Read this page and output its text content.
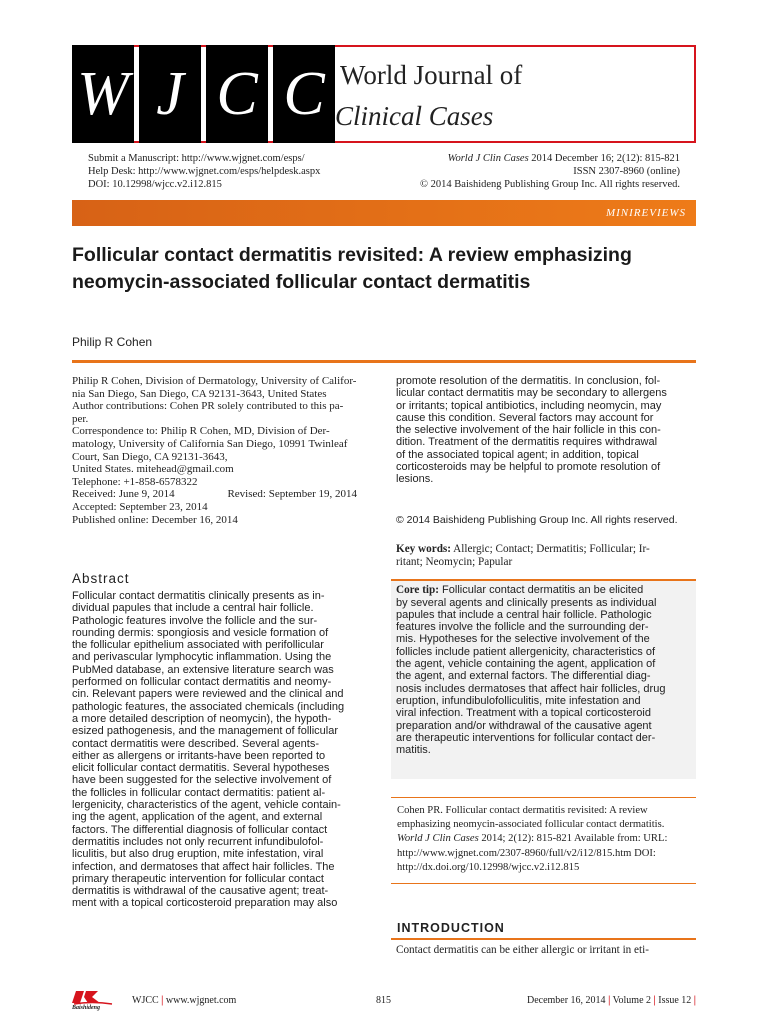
W J C C World Journal of
Clinical Cases
Submit a Manuscript: http://www.wjgnet.com/esps/
Help Desk: http://www.wjgnet.com/esps/helpdesk.aspx
DOI: 10.12998/wjcc.v2.i12.815
World J Clin Cases 2014 December 16; 2(12): 815-821
ISSN 2307-8960 (online)
© 2014 Baishideng Publishing Group Inc. All rights reserved.
MINIREVIEWS
Follicular contact dermatitis revisited: A review emphasizing
neomycin-associated follicular contact dermatitis
Philip R Cohen
Philip R Cohen, Division of Dermatology, University of Califor-
nia San Diego, San Diego, CA 92131-3643, United States
Author contributions: Cohen PR solely contributed to this pa-
per.
Correspondence to: Philip R Cohen, MD, Division of Der-
matology, University of California San Diego, 10991 Twinleaf
Court, San Diego, CA 92131-3643,
United States. mitehead@gmail.com
Telephone: +1-858-6578322
Received: June 9, 2014	Revised: September 19, 2014
Accepted: September 23, 2014
Published online: December 16, 2014
Abstract
Follicular contact dermatitis clinically presents as in-
dividual papules that include a central hair follicle.
Pathologic features involve the follicle and the sur-
rounding dermis: spongiosis and vesicle formation of
the follicular epithelium associated with perifollicular
and perivascular lymphocytic inflammation. Using the
PubMed database, an extensive literature search was
performed on follicular contact dermatitis and neomy-
cin. Relevant papers were reviewed and the clinical and
pathologic features, the associated chemicals (including
a more detailed description of neomycin), the hypoth-
esized pathogenesis, and the management of follicular
contact dermatitis were described. Several agents-
either as allergens or irritants-have been reported to
elicit follicular contact dermatitis. Several hypotheses
have been suggested for the selective involvement of
the follicles in follicular contact dermatitis: patient al-
lergenicity, characteristics of the agent, vehicle contain-
ing the agent, application of the agent, and external
factors. The differential diagnosis of follicular contact
dermatitis includes not only recurrent infundibulofol-
liculitis, but also drug eruption, mite infestation, viral
infection, and dermatoses that affect hair follicles. The
primary therapeutic intervention for follicular contact
dermatitis is withdrawal of the causative agent; treat-
ment with a topical corticosteroid preparation may also
promote resolution of the dermatitis. In conclusion, fol-
licular contact dermatitis may be secondary to allergens
or irritants; topical antibiotics, including neomycin, may
cause this condition. Several factors may account for
the selective involvement of the hair follicle in this con-
dition. Treatment of the dermatitis requires withdrawal
of the associated topical agent; in addition, topical
corticosteroids may be helpful to promote resolution of
lesions.
© 2014 Baishideng Publishing Group Inc. All rights reserved.
Key words: Allergic; Contact; Dermatitis; Follicular; Ir-
ritant; Neomycin; Papular
Core tip: Follicular contact dermatitis an be elicited
by several agents and clinically presents as individual
papules that include a central hair follicle. Pathologic
features involve the follicle and the surrounding der-
mis. Hypotheses for the selective involvement of the
follicles include patient allergenicity, characteristics of
the agent, vehicle containing the agent, application of
the agent, and external factors. The differential diag-
nosis includes dermatoses that affect hair follicles, drug
eruption, infundibulofolliculitis, mite infestation and
viral infection. Treatment with a topical corticosteroid
preparation and/or withdrawal of the causative agent
are therapeutic interventions for follicular contact der-
matitis.
Cohen PR. Follicular contact dermatitis revisited: A review
emphasizing neomycin-associated follicular contact dermatitis.
World J Clin Cases 2014; 2(12): 815-821 Available from: URL:
http://www.wjgnet.com/2307-8960/full/v2/i12/815.htm DOI:
http://dx.doi.org/10.12998/wjcc.v2.i12.815
INTRODUCTION
Contact dermatitis can be either allergic or irritant in eti-
Baishideng
WJCC | www.wjgnet.com	815	December 16, 2014 | Volume 2 | Issue 12 |
